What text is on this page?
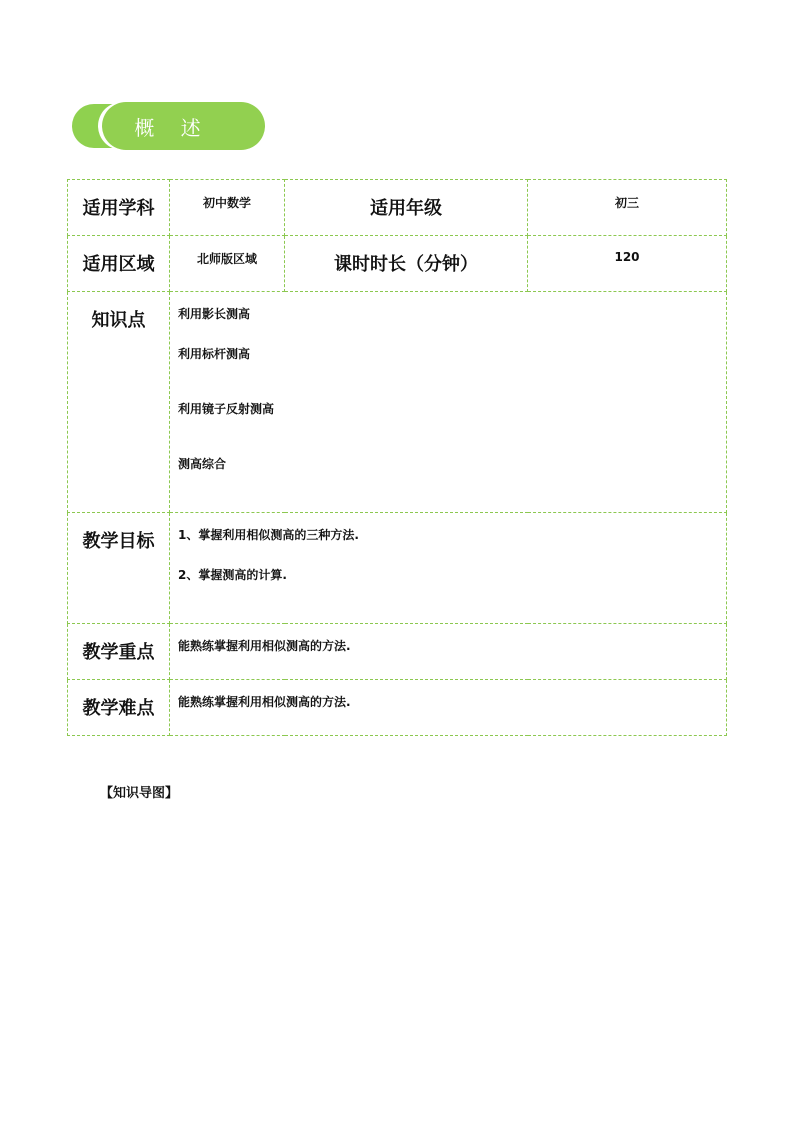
概 述
适用学科	初中数学	适用年级	初三

适用区域	北师版区域	课时时长（分钟）	120

知识点	利用影长测高
利用标杆测高
利用镜子反射测高
测高综合		

教学目标	1、掌握利用相似测高的三种方法.
2、掌握测高的计算.		

教学重点	能熟练掌握利用相似测高的方法.		

教学难点	能熟练掌握利用相似测高的方法.		
【知识导图】
